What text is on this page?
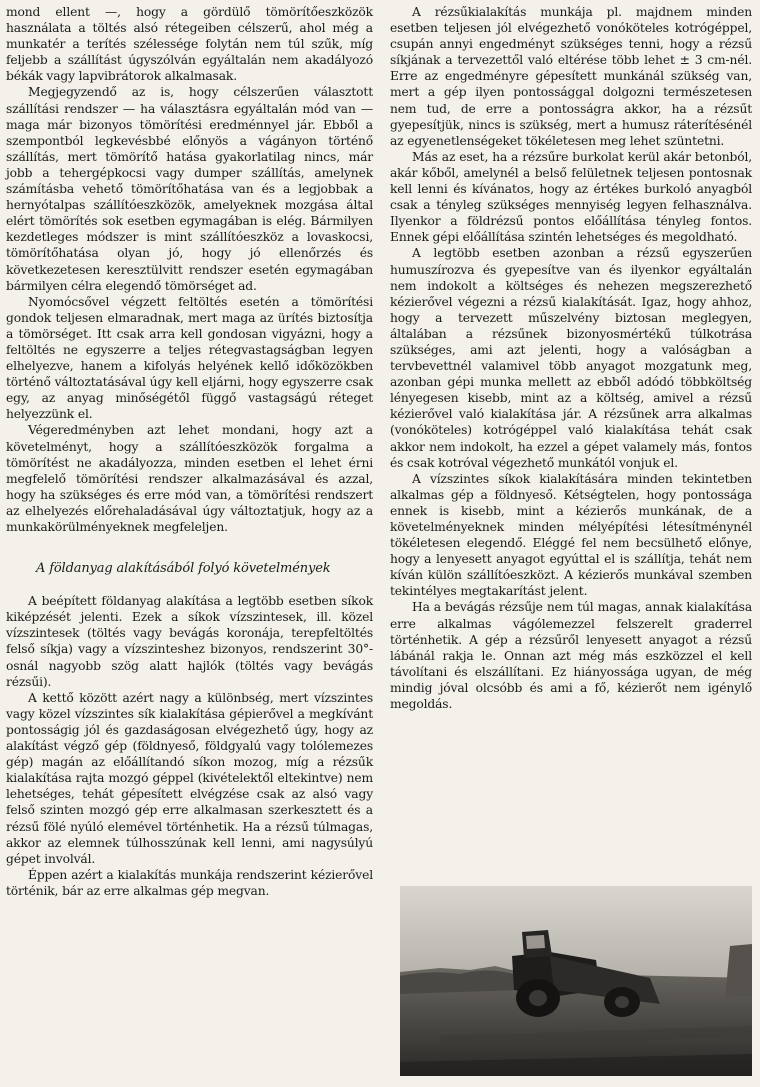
mond ellent —, hogy a gördülő tömörítőeszközök használata a töltés alsó rétegeiben célszerű, ahol még a munkatér a terítés szélessége folytán nem túl szűk, míg feljebb a szállítást úgyszólván egyáltalán nem akadályozó békák vagy lapvibrátorok alkalmasak.

Megjegyzendő az is, hogy célszerűen választott szállítási rendszer — ha választásra egyáltalán mód van — maga már bizonyos tömörítési eredménnyel jár. Ebből a szempontból legkevésbbé előnyös a vágányon történő szállítás, mert tömörítő hatása gyakorlatilag nincs, már jobb a tehergépkocsi vagy dumper szállítás, amelynek számításba vehető tömörítőhatása van és a legjobbak a hernyótalpas szállítóeszközök, amelyeknek mozgása által elért tömörítés sok esetben egymagában is elég. Bármilyen kezdetleges módszer is mint szállítóeszköz a lovaskocsi, tömörítőhatása olyan jó, hogy jó ellenőrzés és következetesen keresztülvitt rendszer esetén egymagában bármilyen célra elegendő tömörséget ad.

Nyomócsővel végzett feltöltés esetén a tömörítési gondok teljesen elmaradnak, mert maga az ürítés biztosítja a tömörséget. Itt csak arra kell gondosan vigyázni, hogy a feltöltés ne egyszerre a teljes rétegvastagságban legyen elhelyezve, hanem a kifolyás helyének kellő időközökben történő változtatásával úgy kell eljárni, hogy egyszerre csak egy, az anyag minőségétől függő vastagságú réteget helyezzünk el.

Végeredményben azt lehet mondani, hogy azt a követelményt, hogy a szállítóeszközök forgalma a tömörítést ne akadályozza, minden esetben el lehet érni megfelelő tömörítési rendszer alkalmazásával és azzal, hogy ha szükséges és erre mód van, a tömörítési rendszert az elhelyezés előrehaladásával úgy változtatjuk, hogy az a munkakörülményeknek megfeleljen.

A földanyag alakításából folyó követelmények

A beépített földanyag alakítása a legtöbb esetben síkok kiképzését jelenti. Ezek a síkok vízszintesek, ill. közel vízszintesek (töltés vagy bevágás koronája, terepfeltöltés felső síkja) vagy a vízszinteshez bizonyos, rendszerint 30°-osnál nagyobb szög alatt hajlók (töltés vagy bevágás rézsűi).

A kettő között azért nagy a különbség, mert vízszintes vagy közel vízszintes sík kialakítása gépierővel a megkívánt pontosságig jól és gazdaságosan elvégezhető úgy, hogy az alakítást végző gép (földnyeső, földgyalú vagy tolólemezes gép) magán az előállítandó síkon mozog, míg a rézsűk kialakítása rajta mozgó géppel (kivételektől eltekintve) nem lehetséges, tehát gépesített elvégzése csak az alsó vagy felső szinten mozgó gép erre alkalmasan szerkesztett és a rézsű fölé nyúló elemével történhetik. Ha a rézsű túlmagas, akkor az elemnek túlhosszúnak kell lenni, ami nagysúlyú gépet involvál.

Éppen azért a kialakítás munkája rendszerint kézierővel történik, bár az erre alkalmas gép megvan.

A rézsűkialakítás munkája pl. majdnem minden esetben teljesen jól elvégezhető vonóköteles kotrógéppel, csupán annyi engedményt szükséges tenni, hogy a rézsű síkjának a tervezettől való eltérése több lehet ± 3 cm-nél. Erre az engedményre gépesített munkánál szükség van, mert a gép ilyen pontossággal dolgozni természetesen nem tud, de erre a pontosságra akkor, ha a rézsűt gyepesítjük, nincs is szükség, mert a humusz ráterítésénél az egyenetlenségeket tökéletesen meg lehet szüntetni.

Más az eset, ha a rézsűre burkolat kerül akár betonból, akár kőből, amelynél a belső felületnek teljesen pontosnak kell lenni és kívánatos, hogy az értékes burkoló anyagból csak a tényleg szükséges mennyiség legyen felhasználva. Ilyenkor a földrézsű pontos előállítása tényleg fontos. Ennek gépi előállítása szintén lehetséges és megoldható.

A legtöbb esetben azonban a rézsű egyszerűen humuszírozva és gyepesítve van és ilyenkor egyáltalán nem indokolt a költséges és nehezen megszerezhető kézierővel végezni a rézsű kialakítását. Igaz, hogy ahhoz, hogy a tervezett műszelvény biztosan meglegyen, általában a rézsűnek bizonyosmértékű túlkotrása szükséges, ami azt jelenti, hogy a valóságban a tervbevettnél valamivel több anyagot mozgatunk meg, azonban gépi munka mellett az ebből adódó többköltség lényegesen kisebb, mint az a költség, amivel a rézsű kézierővel való kialakítása jár. A rézsűnek arra alkalmas (vonóköteles) kotrógéppel való kialakítása tehát csak akkor nem indokolt, ha ezzel a gépet valamely más, fontos és csak kotróval végezhető munkától vonjuk el.

A vízszintes síkok kialakítására minden tekintetben alkalmas gép a földnyeső. Kétségtelen, hogy pontossága ennek is kisebb, mint a kézierős munkának, de a követelményeknek minden mélyépítési létesítménynél tökéletesen elegendő. Eléggé fel nem becsülhető előnye, hogy a lenyesett anyagot egyúttal el is szállítja, tehát nem kíván külön szállítóeszközt. A kézierős munkával szemben tekintélyes megtakarítást jelent.

Ha a bevágás rézsűje nem túl magas, annak kialakítása erre alkalmas vágólemezzel felszerelt graderrel történhetik. A gép a rézsűről lenyesett anyagot a rézsű lábánál rakja le. Onnan azt még más eszközzel el kell távolítani és elszállítani. Ez hiányossága ugyan, de még mindig jóval olcsóbb és ami a fő, kézierőt nem igénylő megoldás.
